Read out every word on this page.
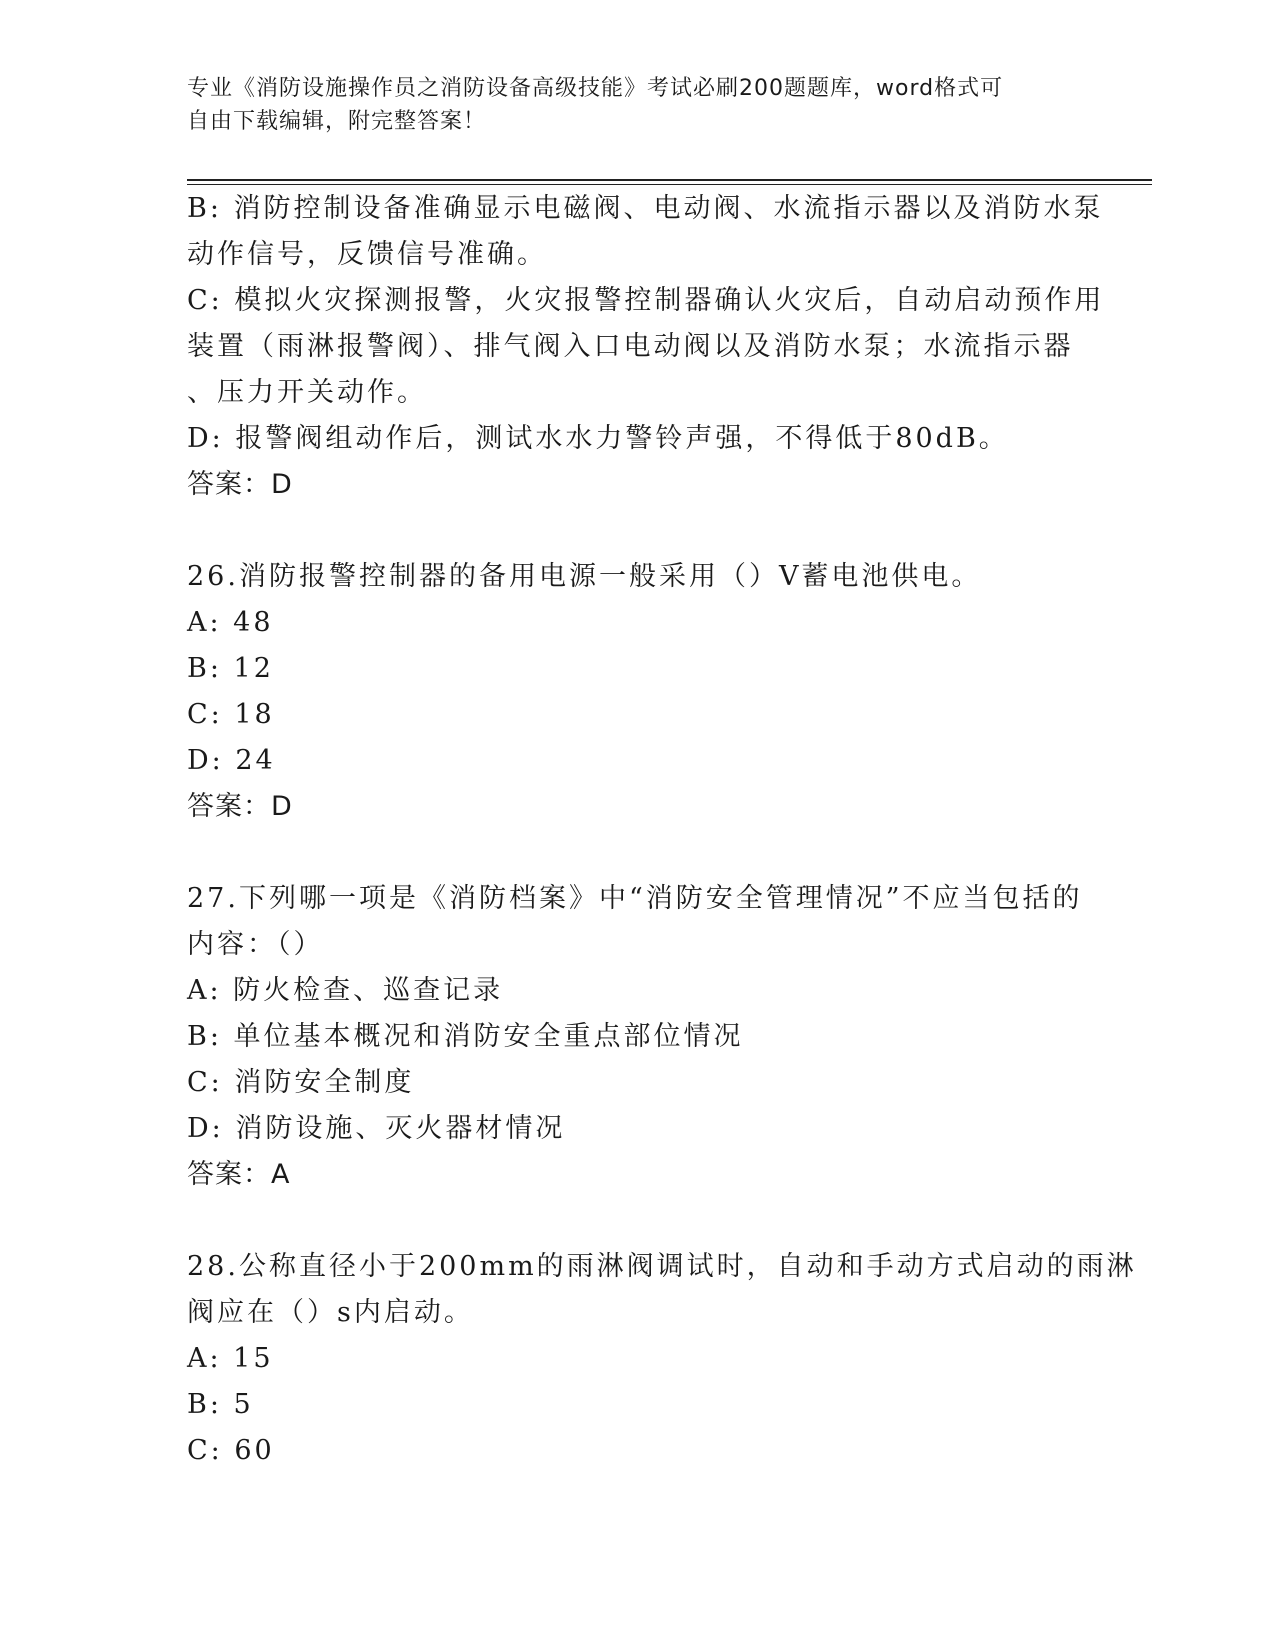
专业《消防设施操作员之消防设备高级技能》考试必刷200题题库，word格式可
自由下载编辑，附完整答案！
B: 消防控制设备准确显示电磁阀、电动阀、水流指示器以及消防水泵
动作信号，反馈信号准确。
C: 模拟火灾探测报警，火灾报警控制器确认火灾后，自动启动预作用
装置（雨淋报警阀）、排气阀入口电动阀以及消防水泵；水流指示器
、压力开关动作。
D: 报警阀组动作后，测试水水力警铃声强，不得低于80dB。
答案：D
26.消防报警控制器的备用电源一般采用（）V蓄电池供电。
A: 48
B: 12
C: 18
D: 24
答案：D
27.下列哪一项是《消防档案》中“消防安全管理情况”不应当包括的
内容：（）
A: 防火检查、巡查记录
B: 单位基本概况和消防安全重点部位情况
C: 消防安全制度
D: 消防设施、灭火器材情况
答案：A
28.公称直径小于200mm的雨淋阀调试时，自动和手动方式启动的雨淋
阀应在（）s内启动。
A: 15
B: 5
C: 60
